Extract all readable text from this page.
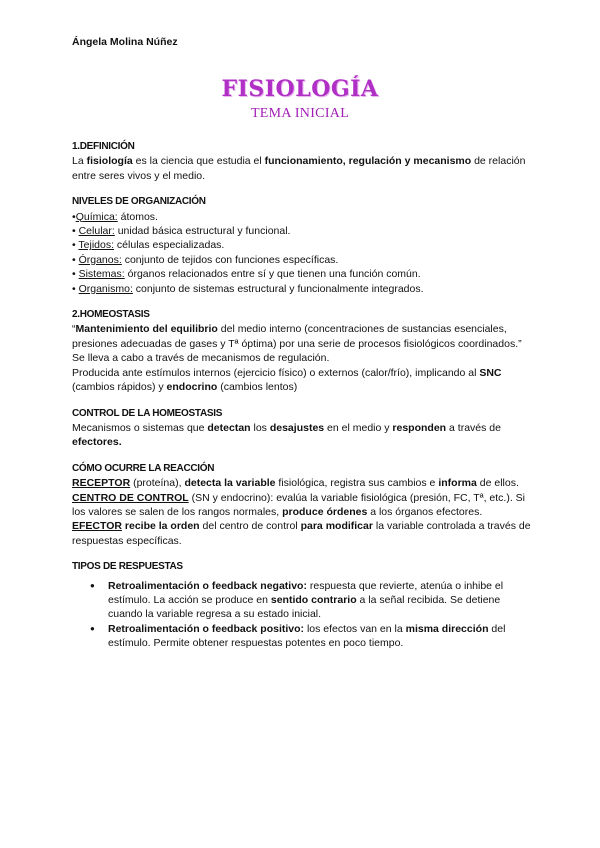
Ángela Molina Núñez
FISIOLOGÍA
TEMA INICIAL
1.DEFINICIÓN

La fisiología es la ciencia que estudia el funcionamiento, regulación y mecanismo de relación entre seres vivos y el medio.

NIVELES DE ORGANIZACIÓN
•Química: átomos.
• Celular: unidad básica estructural y funcional.
• Tejidos: células especializadas.
• Órganos: conjunto de tejidos con funciones específicas.
• Sistemas: órganos relacionados entre sí y que tienen una función común.
• Organismo: conjunto de sistemas estructural y funcionalmente integrados.
2.HOMEOSTASIS

“Mantenimiento del equilibrio del medio interno (concentraciones de sustancias esenciales, presiones adecuadas de gases y Tª óptima) por una serie de procesos fisiológicos coordinados.”

Se lleva a cabo a través de mecanismos de regulación.

Producida ante estímulos internos (ejercicio físico) o externos (calor/frío), implicando al SNC (cambios rápidos) y endocrino (cambios lentos)

CONTROL DE LA HOMEOSTASIS

Mecanismos o sistemas que detectan los desajustes en el medio y responden a través de efectores.

CÓMO OCURRE LA REACCIÓN

RECEPTOR (proteína), detecta la variable fisiológica, registra sus cambios e informa de ellos.

CENTRO DE CONTROL (SN y endocrino): evalúa la variable fisiológica (presión, FC, Tª, etc.). Si los valores se salen de los rangos normales, produce órdenes a los órganos efectores.

EFECTOR recibe la orden del centro de control para modificar la variable controlada a través de respuestas específicas.

TIPOS DE RESPUESTAS
● Retroalimentación o feedback negativo: respuesta que revierte, atenúa o inhibe el estímulo. La acción se produce en sentido contrario a la señal recibida. Se detiene cuando la variable regresa a su estado inicial.
● Retroalimentación o feedback positivo: los efectos van en la misma dirección del estímulo. Permite obtener respuestas potentes en poco tiempo.
